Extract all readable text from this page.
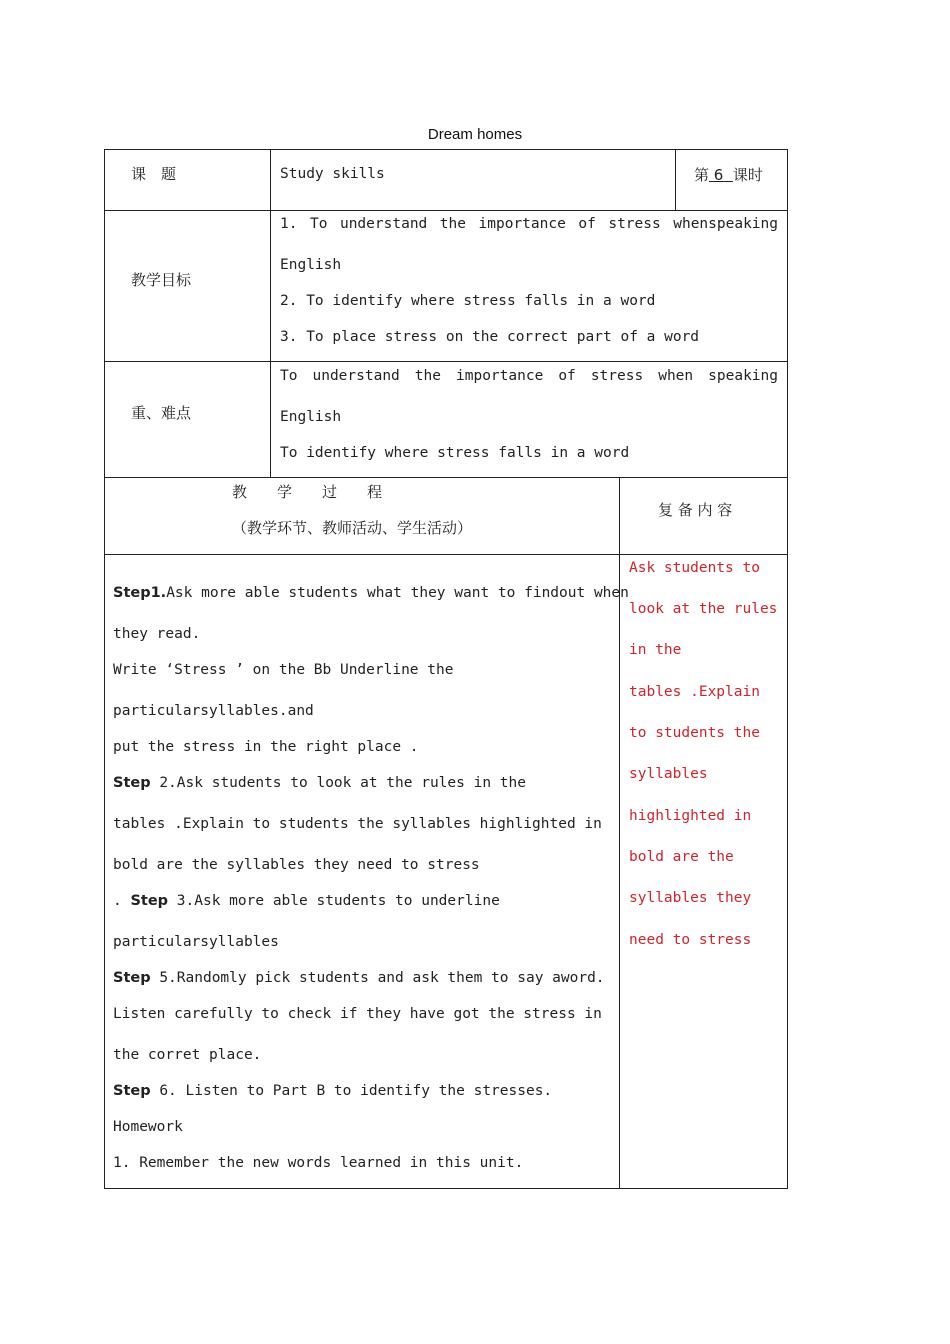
Dream homes
课　题	Study skills	第 6 课时
教学目标
1. To understand the importance of stress whenspeaking
English
2. To identify where stress falls in a word
3. To place stress on the correct part of a word
重、难点
To understand the importance of stress when speaking
English
To identify where stress falls in a word
教　　学　　过　　程
（教学环节、教师活动、学生活动）
复 备 内 容
Step1.Ask more able students what they want to findout when
they read.
Write ‘Stress ’ on the Bb Underline the
particularsyllables.and
put the stress in the right place .
Step 2.Ask students to look at the rules in the
tables .Explain to students the syllables highlighted in
bold are the syllables they need to stress
. Step 3.Ask more able students to underline
particularsyllables
Step 5.Randomly pick students and ask them to say aword.
Listen carefully to check if they have got the stress in
the corret place.
Step 6. Listen to Part B to identify the stresses.
Homework
1. Remember the new words learned in this unit.
Ask students to
look at the rules
in the
tables .Explain
to students the
syllables
highlighted in
bold are the
syllables they
need to stress
